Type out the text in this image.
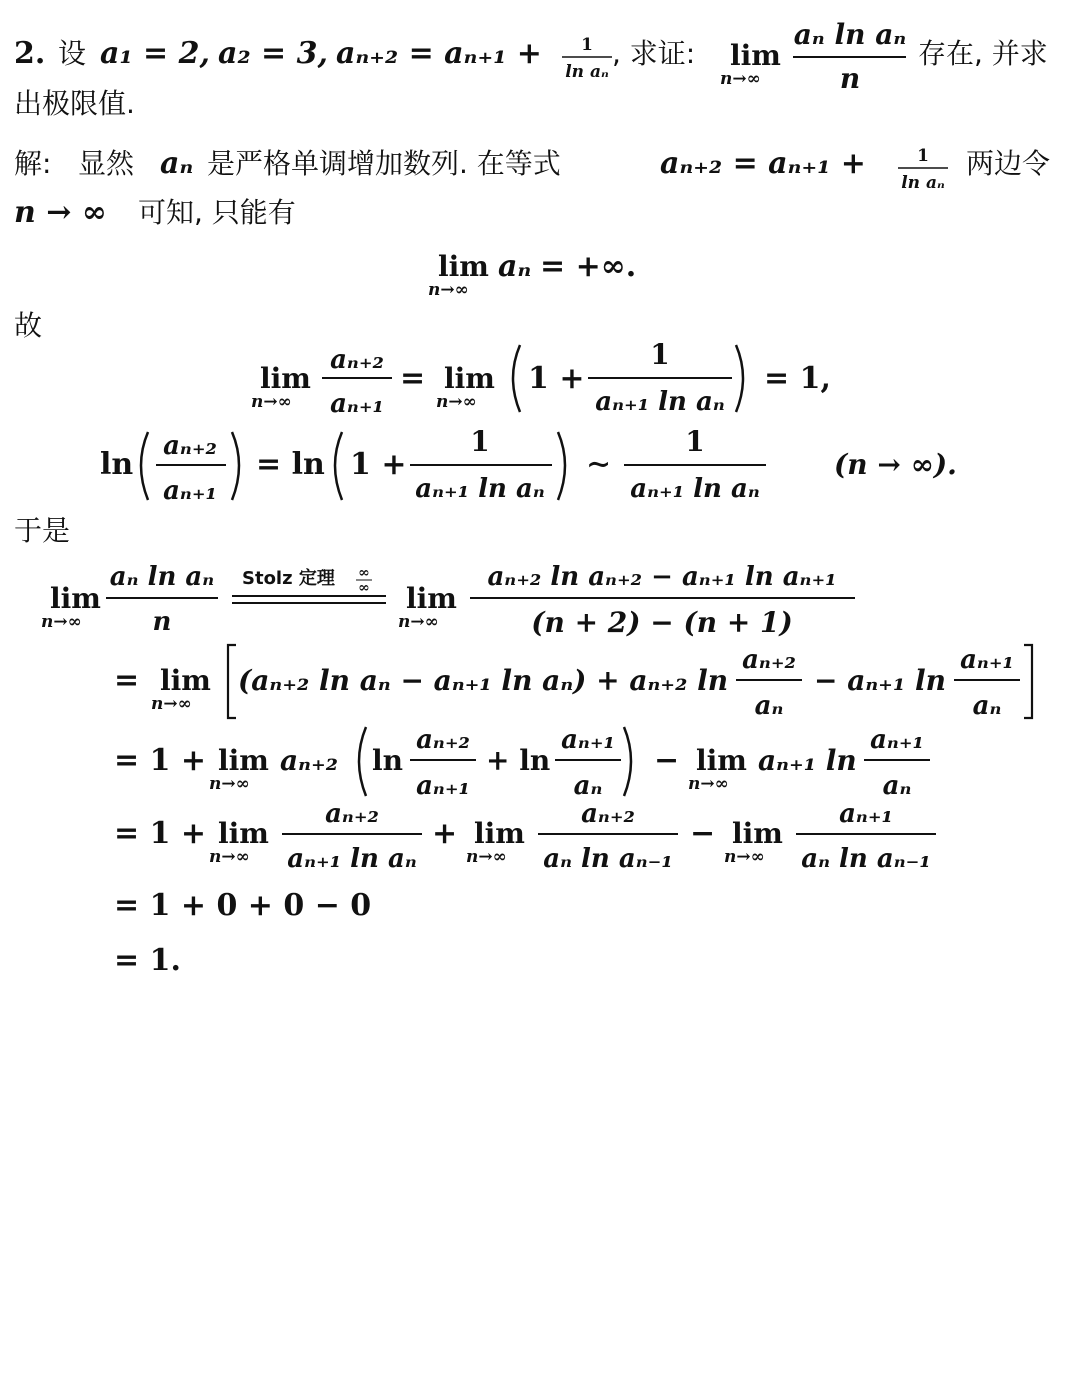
2. 设 a₁ = 2, a₂ = 3, aₙ₊₂ = aₙ₊₁ + 1
ln aₙ
, 求证: lim
n→∞
aₙ ln aₙ
n
存在, 并求
出极限值.
解: 显然 aₙ 是严格单调增加数列. 在等式	aₙ₊₂ = aₙ₊₁ +	1
ln aₙ
两边令
n → ∞ 可知, 只能有
lim
n→∞
aₙ = +∞.
故
lim
n→∞
aₙ₊₂
aₙ₊₁
= lim
n→∞
1 +
1
aₙ₊₁ ln aₙ
= 1,
ln
aₙ₊₂
aₙ₊₁
= ln 1 +
1
aₙ₊₁ ln aₙ
∼
1
aₙ₊₁ ln aₙ
(n → ∞).
于是
lim
n→∞
aₙ ln aₙ
n
Stolz 定理 ∞
∞ lim
n→∞
aₙ₊₂ ln aₙ₊₂ − aₙ₊₁ ln aₙ₊₁
(n + 2) − (n + 1)
= lim
n→∞
(aₙ₊₂ ln aₙ − aₙ₊₁ ln aₙ) + aₙ₊₂ ln
aₙ₊₂
aₙ
− aₙ₊₁ ln
aₙ₊₁
aₙ
= 1 + lim
n→∞
aₙ₊₂ ln
aₙ₊₂
aₙ₊₁
+ ln
aₙ₊₁
aₙ
− lim
n→∞
aₙ₊₁ ln
aₙ₊₁
aₙ
= 1 + lim
n→∞
aₙ₊₂
aₙ₊₁ ln aₙ
+ lim
n→∞
aₙ₊₂
aₙ ln aₙ₋₁
− lim
n→∞
aₙ₊₁
aₙ ln aₙ₋₁
= 1 + 0 + 0 − 0
= 1.
